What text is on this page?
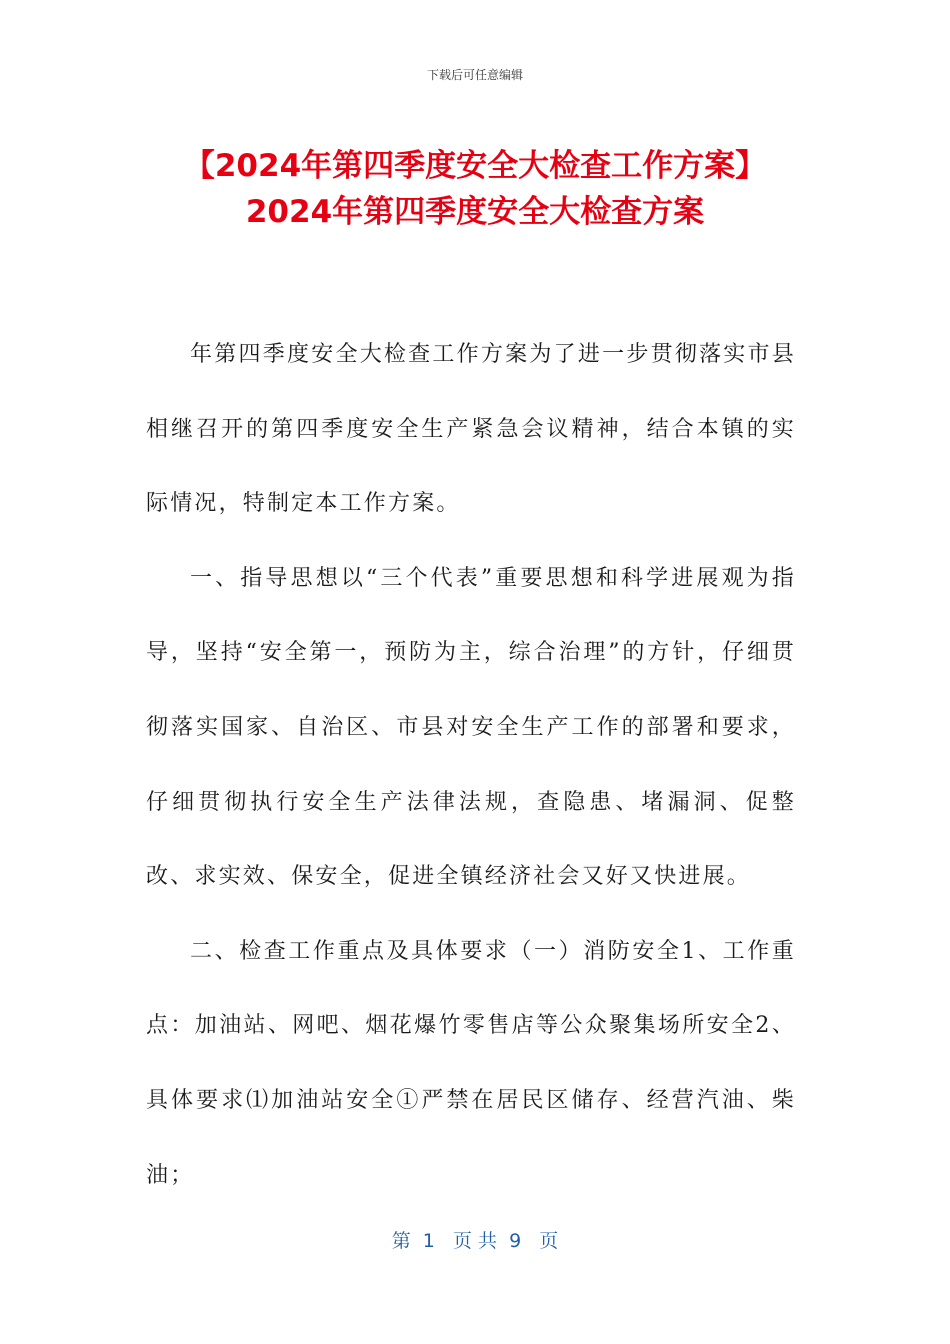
下载后可任意编辑
【2024年第四季度安全大检查工作方案】
2024年第四季度安全大检查方案

年第四季度安全大检查工作方案为了进一步贯彻落实市县相继召开的第四季度安全生产紧急会议精神，结合本镇的实际情况，特制定本工作方案。

一、指导思想以“三个代表”重要思想和科学进展观为指导，坚持“安全第一，预防为主，综合治理”的方针，仔细贯彻落实国家、自治区、市县对安全生产工作的部署和要求，仔细贯彻执行安全生产法律法规，查隐患、堵漏洞、促整改、求实效、保安全，促进全镇经济社会又好又快进展。

二、检查工作重点及具体要求（一）消防安全1、工作重点：加油站、网吧、烟花爆竹零售店等公众聚集场所安全2、具体要求⑴加油站安全①严禁在居民区储存、经营汽油、柴油；

第  1   页 共  9   页
